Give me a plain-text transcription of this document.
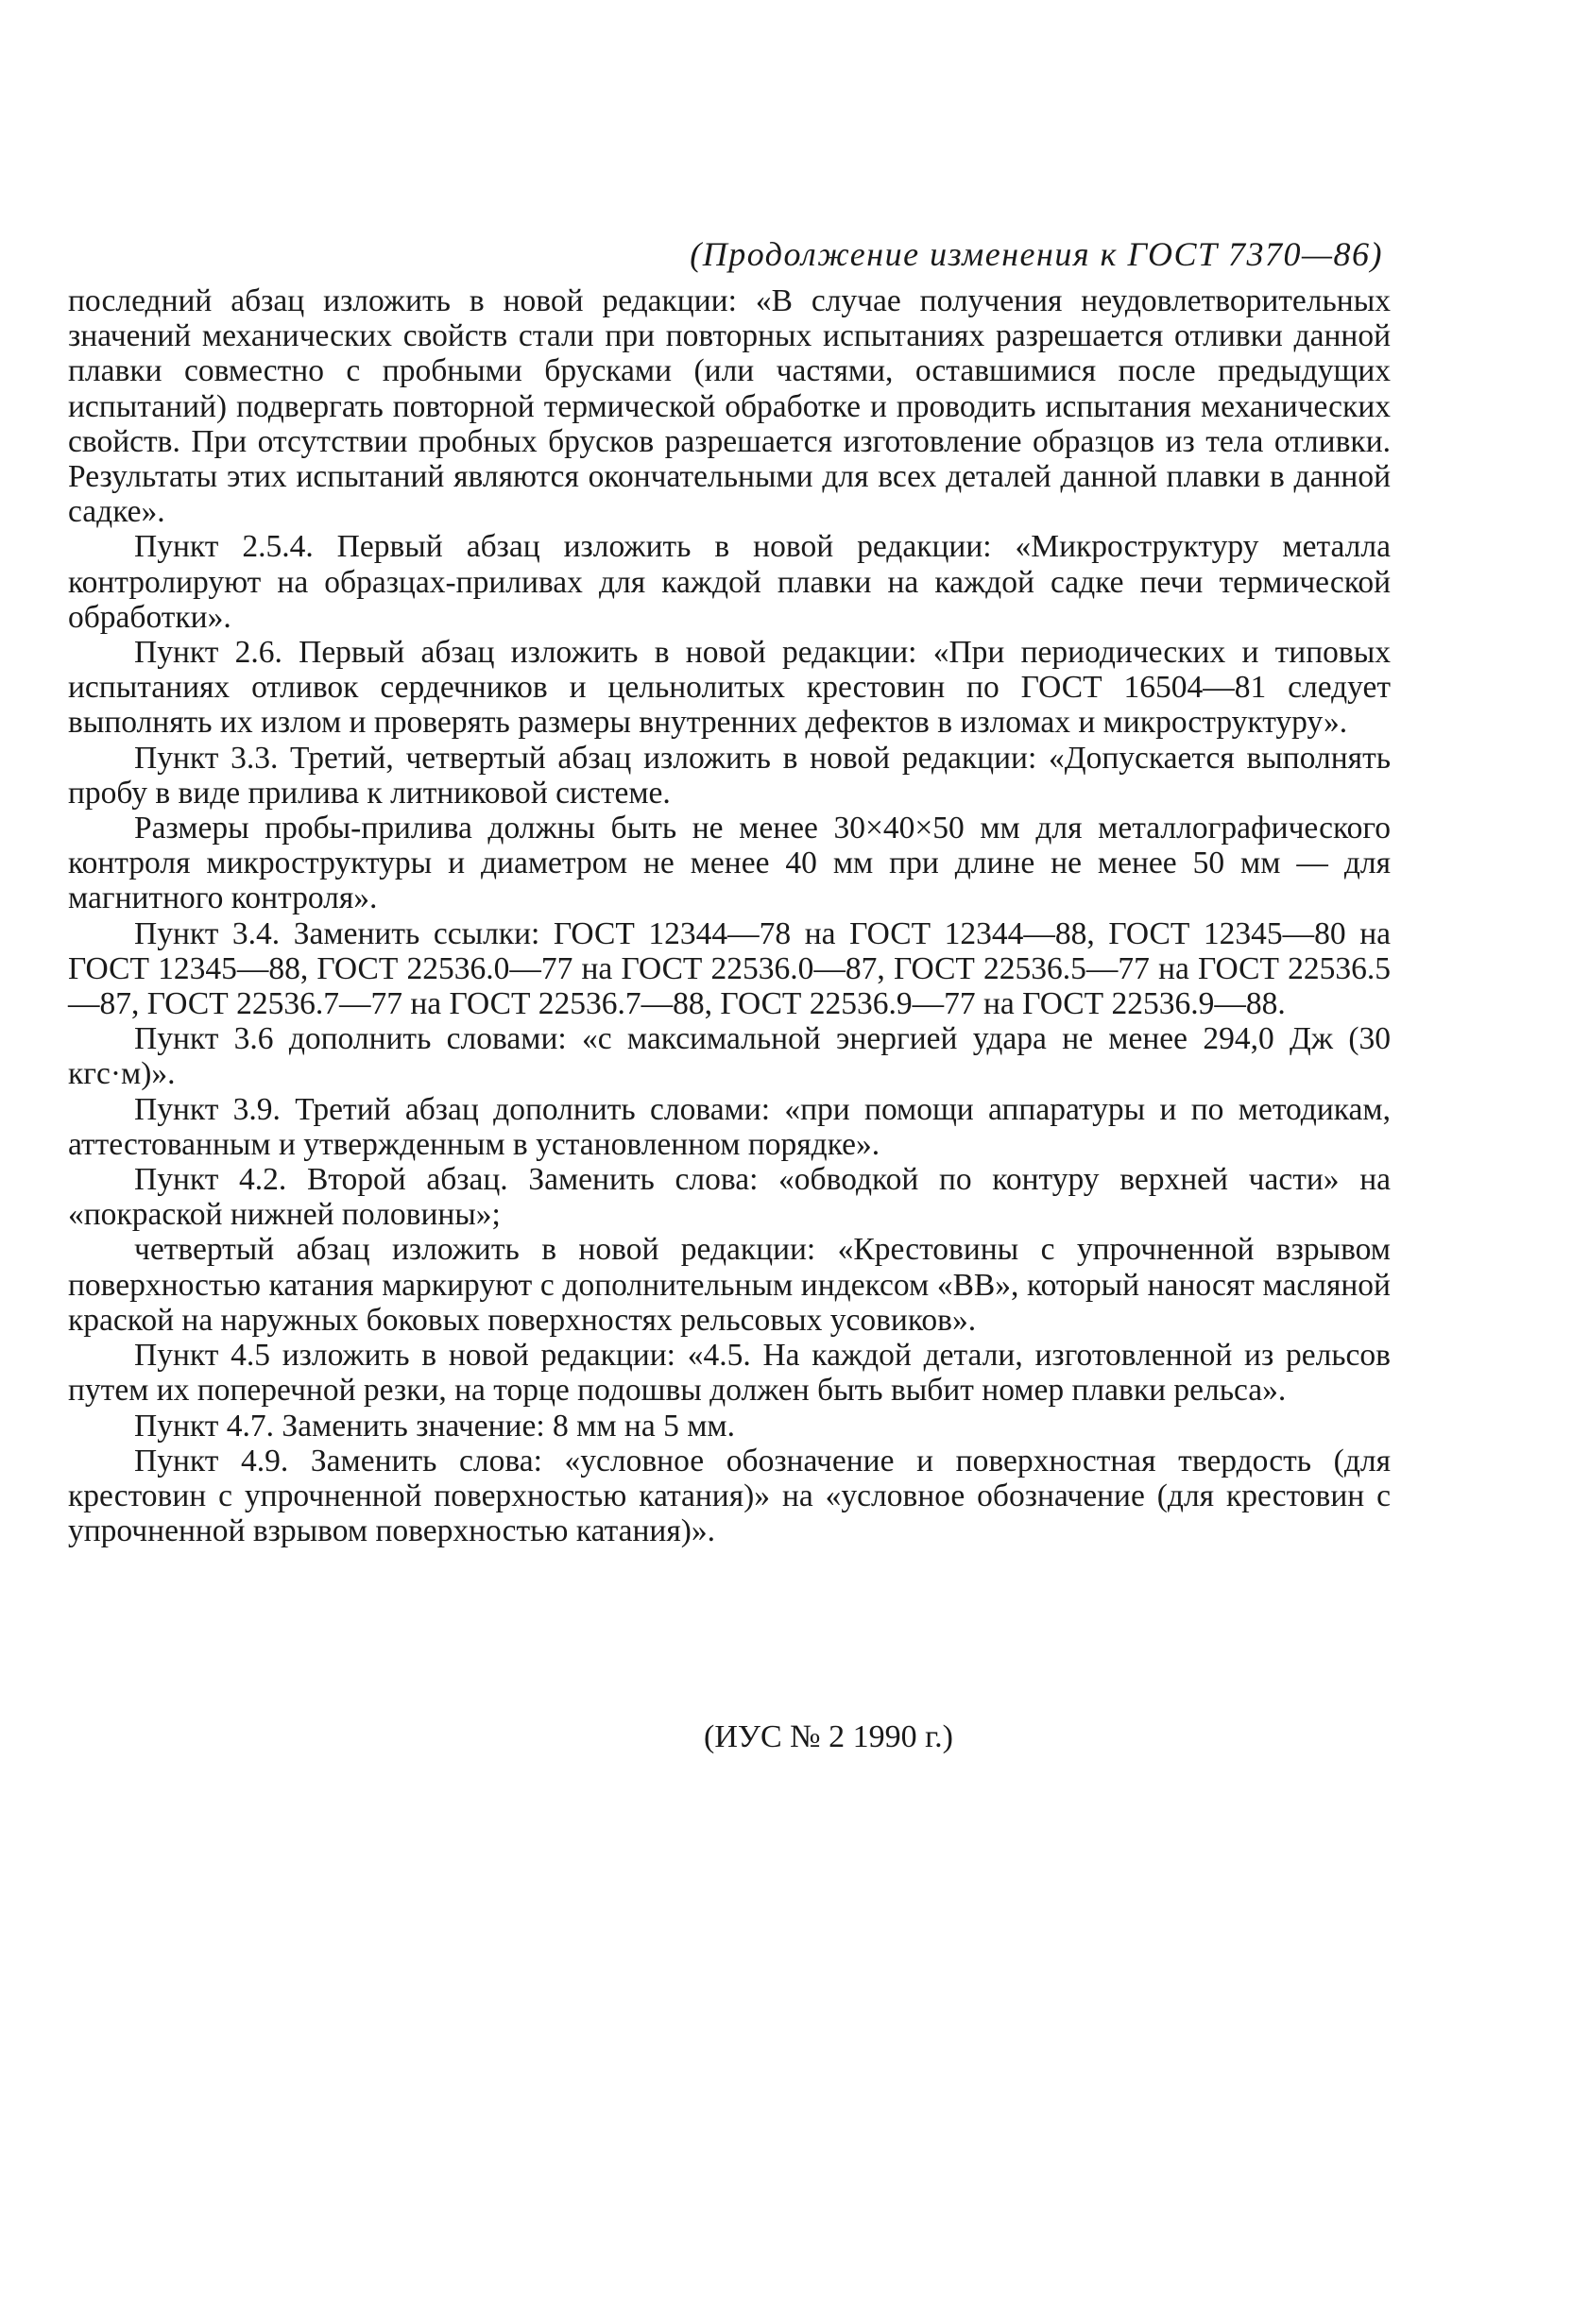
(Продолжение изменения к ГОСТ 7370—86)

последний абзац изложить в новой редакции: «В случае получения неудовлетворительных значений механических свойств стали при повторных испытаниях разрешается отливки данной плавки совместно с пробными брусками (или частями, оставшимися после предыдущих испытаний) подвергать повторной термической обработке и проводить испытания механических свойств. При отсутствии пробных брусков разрешается изготовление образцов из тела отливки. Результаты этих испытаний являются окончательными для всех деталей данной плавки в данной садке».

Пункт 2.5.4. Первый абзац изложить в новой редакции: «Микроструктуру металла контролируют на образцах-приливах для каждой плавки на каждой садке печи термической обработки».

Пункт 2.6. Первый абзац изложить в новой редакции: «При периодических и типовых испытаниях отливок сердечников и цельнолитых крестовин по ГОСТ 16504—81 следует выполнять их излом и проверять размеры внутренних дефектов в изломах и микроструктуру».

Пункт 3.3. Третий, четвертый абзац изложить в новой редакции: «Допускается выполнять пробу в виде прилива к литниковой системе.

Размеры пробы-прилива должны быть не менее 30×40×50 мм для металлографического контроля микроструктуры и диаметром не менее 40 мм при длине не менее 50 мм — для магнитного контроля».

Пункт 3.4. Заменить ссылки: ГОСТ 12344—78 на ГОСТ 12344—88, ГОСТ 12345—80 на ГОСТ 12345—88, ГОСТ 22536.0—77 на ГОСТ 22536.0—87, ГОСТ 22536.5—77 на ГОСТ 22536.5—87, ГОСТ 22536.7—77 на ГОСТ 22536.7—88, ГОСТ 22536.9—77 на ГОСТ 22536.9—88.

Пункт 3.6 дополнить словами: «с максимальной энергией удара не менее 294,0 Дж (30 кгс·м)».

Пункт 3.9. Третий абзац дополнить словами: «при помощи аппаратуры и по методикам, аттестованным и утвержденным в установленном порядке».

Пункт 4.2. Второй абзац. Заменить слова: «обводкой по контуру верхней части» на «покраской нижней половины»;

четвертый абзац изложить в новой редакции: «Крестовины с упрочненной взрывом поверхностью катания маркируют с дополнительным индексом «ВВ», который наносят масляной краской на наружных боковых поверхностях рельсовых усовиков».

Пункт 4.5 изложить в новой редакции: «4.5. На каждой детали, изготовленной из рельсов путем их поперечной резки, на торце подошвы должен быть выбит номер плавки рельса».

Пункт 4.7. Заменить значение: 8 мм на 5 мм.

Пункт 4.9. Заменить слова: «условное обозначение и поверхностная твердость (для крестовин с упрочненной поверхностью катания)» на «условное обозначение (для крестовин с упрочненной взрывом поверхностью катания)».

(ИУС № 2 1990 г.)
